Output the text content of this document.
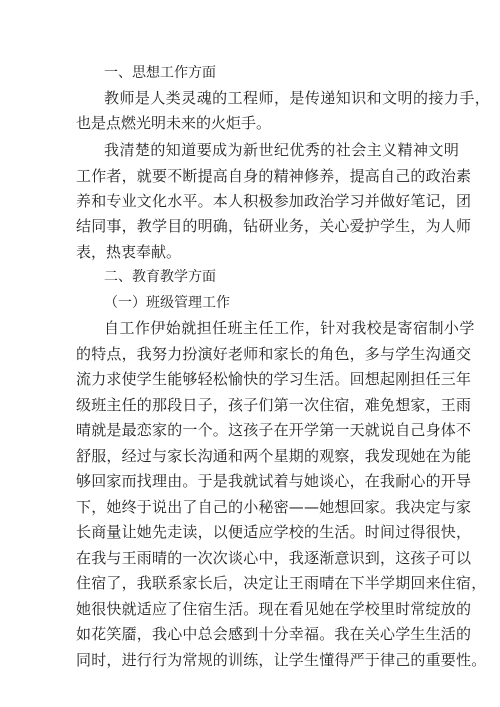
一、思想工作方面
教师是人类灵魂的工程师，是传递知识和文明的接力手，
也是点燃光明未来的火炬手。
我清楚的知道要成为新世纪优秀的社会主义精神文明
工作者，就要不断提高自身的精神修养，提高自己的政治素
养和专业文化水平。本人积极参加政治学习并做好笔记，团
结同事，教学目的明确，钻研业务，关心爱护学生，为人师
表，热衷奉献。
二、教育教学方面
（一）班级管理工作
自工作伊始就担任班主任工作，针对我校是寄宿制小学
的特点，我努力扮演好老师和家长的角色，多与学生沟通交
流力求使学生能够轻松愉快的学习生活。回想起刚担任三年
级班主任的那段日子，孩子们第一次住宿，难免想家，王雨
晴就是最恋家的一个。这孩子在开学第一天就说自己身体不
舒服，经过与家长沟通和两个星期的观察，我发现她在为能
够回家而找理由。于是我就试着与她谈心，在我耐心的开导
下，她终于说出了自己的小秘密——她想回家。我决定与家
长商量让她先走读，以便适应学校的生活。时间过得很快，
在我与王雨晴的一次次谈心中，我逐渐意识到，这孩子可以
住宿了，我联系家长后，决定让王雨晴在下半学期回来住宿，
她很快就适应了住宿生活。现在看见她在学校里时常绽放的
如花笑靥，我心中总会感到十分幸福。我在关心学生生活的
同时，进行行为常规的训练，让学生懂得严于律己的重要性。
